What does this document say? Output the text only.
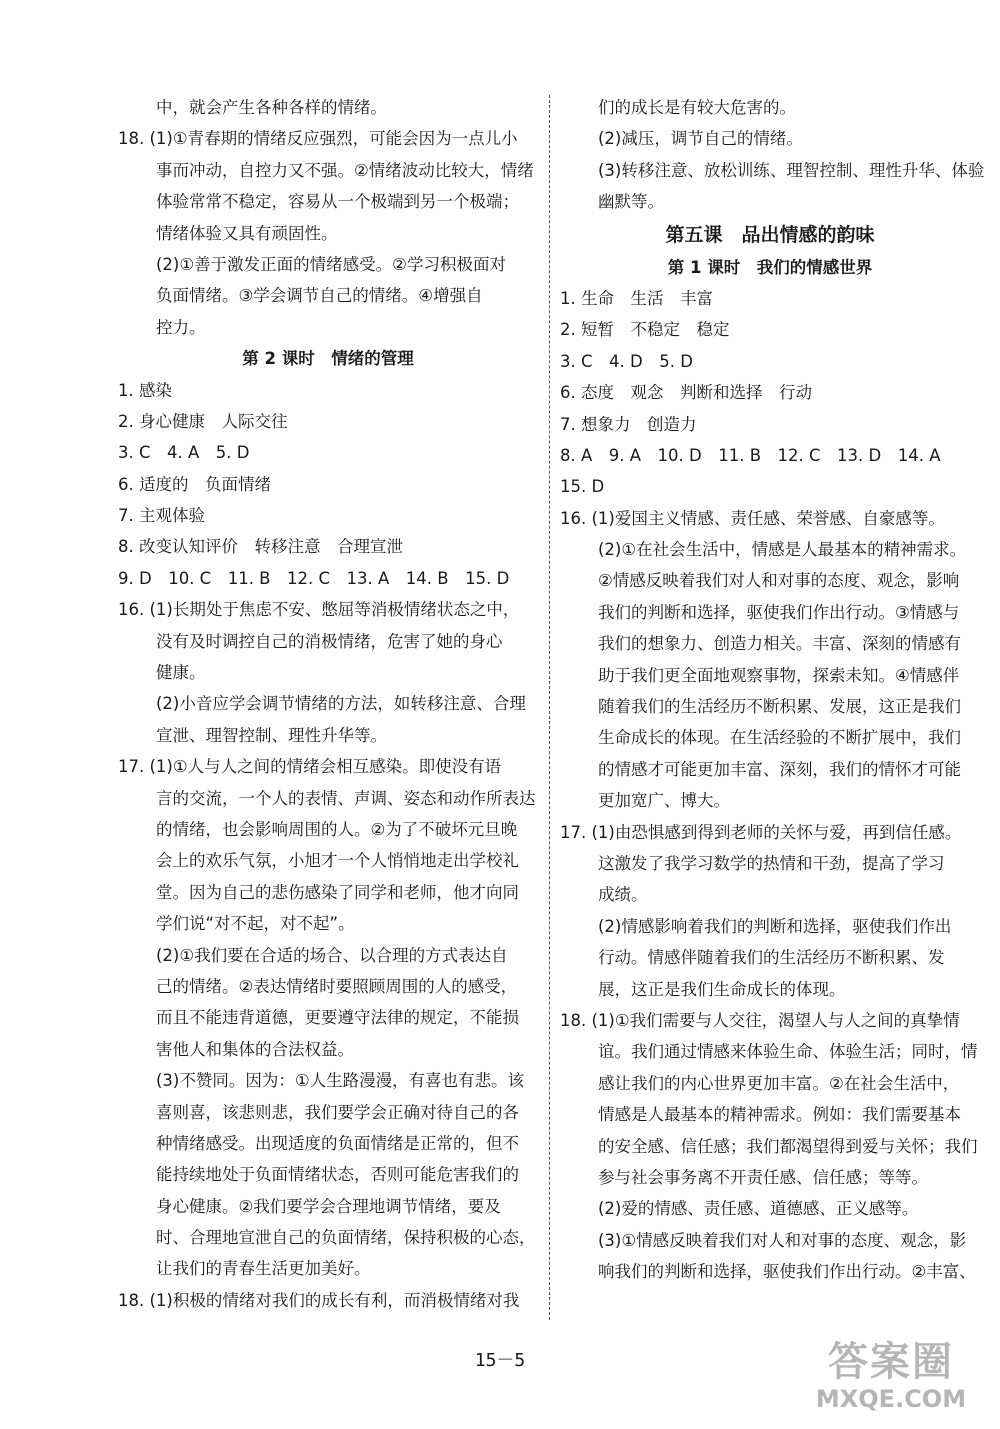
中，就会产生各种各样的情绪。
18. (1)①青春期的情绪反应强烈，可能会因为一点儿小
事而冲动，自控力又不强。②情绪波动比较大，情绪
体验常常不稳定，容易从一个极端到另一个极端；
情绪体验又具有顽固性。
(2)①善于激发正面的情绪感受。②学习积极面对
负面情绪。③学会调节自己的情绪。④增强自
控力。
第 2 课时　情绪的管理
1. 感染
2. 身心健康　人际交往
3. C　4. A　5. D
6. 适度的　负面情绪
7. 主观体验
8. 改变认知评价　转移注意　合理宣泄
9. D　10. C　11. B　12. C　13. A　14. B　15. D
16. (1)长期处于焦虑不安、憋屈等消极情绪状态之中，
没有及时调控自己的消极情绪，危害了她的身心
健康。
(2)小音应学会调节情绪的方法，如转移注意、合理
宣泄、理智控制、理性升华等。
17. (1)①人与人之间的情绪会相互感染。即使没有语
言的交流，一个人的表情、声调、姿态和动作所表达
的情绪，也会影响周围的人。②为了不破坏元旦晚
会上的欢乐气氛，小旭才一个人悄悄地走出学校礼
堂。因为自己的悲伤感染了同学和老师，他才向同
学们说“对不起，对不起”。
(2)①我们要在合适的场合、以合理的方式表达自
己的情绪。②表达情绪时要照顾周围的人的感受，
而且不能违背道德，更要遵守法律的规定，不能损
害他人和集体的合法权益。
(3)不赞同。因为：①人生路漫漫，有喜也有悲。该
喜则喜，该悲则悲，我们要学会正确对待自己的各
种情绪感受。出现适度的负面情绪是正常的，但不
能持续地处于负面情绪状态，否则可能危害我们的
身心健康。②我们要学会合理地调节情绪，要及
时、合理地宣泄自己的负面情绪，保持积极的心态，
让我们的青春生活更加美好。
18. (1)积极的情绪对我们的成长有利，而消极情绪对我
们的成长是有较大危害的。
(2)减压，调节自己的情绪。
(3)转移注意、放松训练、理智控制、理性升华、体验
幽默等。
第五课　品出情感的韵味
第 1 课时　我们的情感世界
1. 生命　生活　丰富
2. 短暂　不稳定　稳定
3. C　4. D　5. D
6. 态度　观念　判断和选择　行动
7. 想象力　创造力
8. A　9. A　10. D　11. B　12. C　13. D　14. A
15. D
16. (1)爱国主义情感、责任感、荣誉感、自豪感等。
(2)①在社会生活中，情感是人最基本的精神需求。
②情感反映着我们对人和对事的态度、观念，影响
我们的判断和选择，驱使我们作出行动。③情感与
我们的想象力、创造力相关。丰富、深刻的情感有
助于我们更全面地观察事物，探索未知。④情感伴
随着我们的生活经历不断积累、发展，这正是我们
生命成长的体现。在生活经验的不断扩展中，我们
的情感才可能更加丰富、深刻，我们的情怀才可能
更加宽广、博大。
17. (1)由恐惧感到得到老师的关怀与爱，再到信任感。
这激发了我学习数学的热情和干劲，提高了学习
成绩。
(2)情感影响着我们的判断和选择，驱使我们作出
行动。情感伴随着我们的生活经历不断积累、发
展，这正是我们生命成长的体现。
18. (1)①我们需要与人交往，渴望人与人之间的真挚情
谊。我们通过情感来体验生命、体验生活；同时，情
感让我们的内心世界更加丰富。②在社会生活中，
情感是人最基本的精神需求。例如：我们需要基本
的安全感、信任感；我们都渴望得到爱与关怀；我们
参与社会事务离不开责任感、信任感；等等。
(2)爱的情感、责任感、道德感、正义感等。
(3)①情感反映着我们对人和对事的态度、观念，影
响我们的判断和选择，驱使我们作出行动。②丰富、
15－5	答案圈
MXQE.COM
